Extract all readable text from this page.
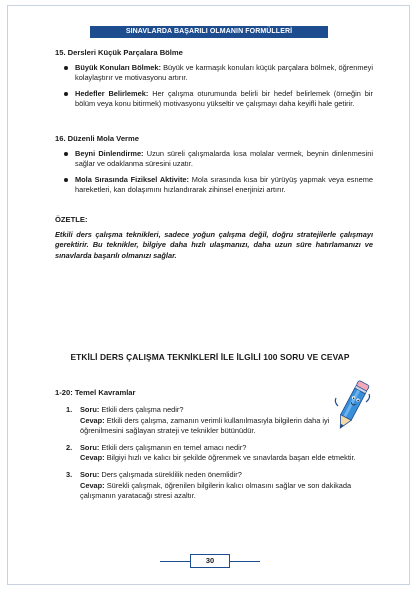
SINAVLARDA BAŞARILI OLMANIN FORMÜLLERİ

15. Dersleri Küçük Parçalara Bölme

Büyük Konuları Bölmek: Büyük ve karmaşık konuları küçük parçalara bölmek, öğrenmeyi kolaylaştırır ve motivasyonu artırır.
Hedefler Belirlemek: Her çalışma oturumunda belirli bir hedef belirlemek (örneğin bir bölüm veya konu bitirmek) motivasyonu yükseltir ve çalışmayı daha keyifli hale getirir.

16. Düzenli Mola Verme

Beyni Dinlendirme: Uzun süreli çalışmalarda kısa molalar vermek, beynin dinlenmesini sağlar ve odaklanma süresini uzatır.
Mola Sırasında Fiziksel Aktivite: Mola sırasında kısa bir yürüyüş yapmak veya esneme hareketleri, kan dolaşımını hızlandırarak zihinsel enerjinizi artırır.

ÖZETLE:

Etkili ders çalışma teknikleri, sadece yoğun çalışma değil, doğru stratejilerle çalışmayı gerektirir. Bu teknikler, bilgiye daha hızlı ulaşmanızı, daha uzun süre hatırlamanızı ve sınavlarda başarılı olmanızı sağlar.

ETKİLİ DERS ÇALIŞMA TEKNİKLERİ İLE İLGİLİ 100 SORU VE CEVAP
1-20: Temel Kavramlar
1.	Soru: Etkili ders çalışma nedir?
Cevap: Etkili ders çalışma, zamanın verimli kullanılmasıyla bilgilerin daha iyi öğrenilmesini sağlayan strateji ve teknikler bütünüdür.
2.	Soru: Etkili ders çalışmanın en temel amacı nedir?
Cevap: Bilgiyi hızlı ve kalıcı bir şekilde öğrenmek ve sınavlarda başarı elde etmektir.
3.	Soru: Ders çalışmada süreklilik neden önemlidir?
Cevap: Sürekli çalışmak, öğrenilen bilgilerin kalıcı olmasını sağlar ve son dakikada çalışmanın yaratacağı stresi azaltır.
30
